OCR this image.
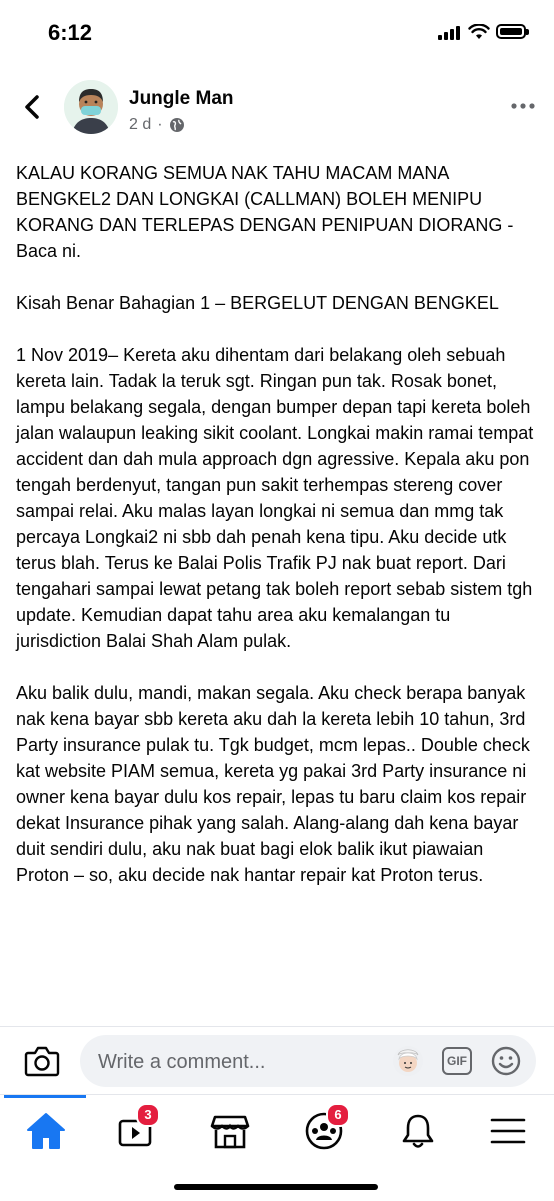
6:12
Jungle Man
2 d ·

KALAU KORANG SEMUA NAK TAHU MACAM MANA BENGKEL2 DAN LONGKAI (CALLMAN) BOLEH MENIPU KORANG DAN TERLEPAS DENGAN PENIPUAN DIORANG -  Baca ni.

Kisah Benar Bahagian 1 – BERGELUT DENGAN BENGKEL

1 Nov 2019– Kereta aku dihentam dari belakang oleh sebuah kereta lain. Tadak la teruk sgt. Ringan pun tak. Rosak bonet, lampu belakang segala, dengan bumper depan tapi kereta boleh jalan walaupun leaking sikit coolant. Longkai makin ramai tempat accident dan dah mula approach dgn agressive. Kepala aku pon tengah berdenyut, tangan pun sakit terhempas stereng cover sampai relai. Aku malas layan longkai ni semua dan mmg tak percaya Longkai2 ni sbb dah penah kena tipu. Aku decide utk terus blah. Terus ke Balai Polis Trafik PJ nak buat report. Dari tengahari sampai lewat petang tak boleh report sebab sistem tgh update. Kemudian dapat tahu area aku kemalangan tu jurisdiction Balai Shah Alam pulak.

Aku balik dulu, mandi, makan segala. Aku check berapa banyak nak kena bayar sbb kereta aku dah la kereta lebih 10 tahun, 3rd Party insurance pulak tu. Tgk budget, mcm lepas.. Double check kat website PIAM semua, kereta yg pakai 3rd Party insurance ni owner kena bayar dulu kos repair, lepas tu baru claim kos repair dekat Insurance pihak yang salah. Alang-alang dah kena bayar duit sendiri dulu, aku nak buat bagi elok balik ikut piawaian Proton – so, aku decide nak hantar repair kat Proton terus.

Write a comment...
GIF
3	6
